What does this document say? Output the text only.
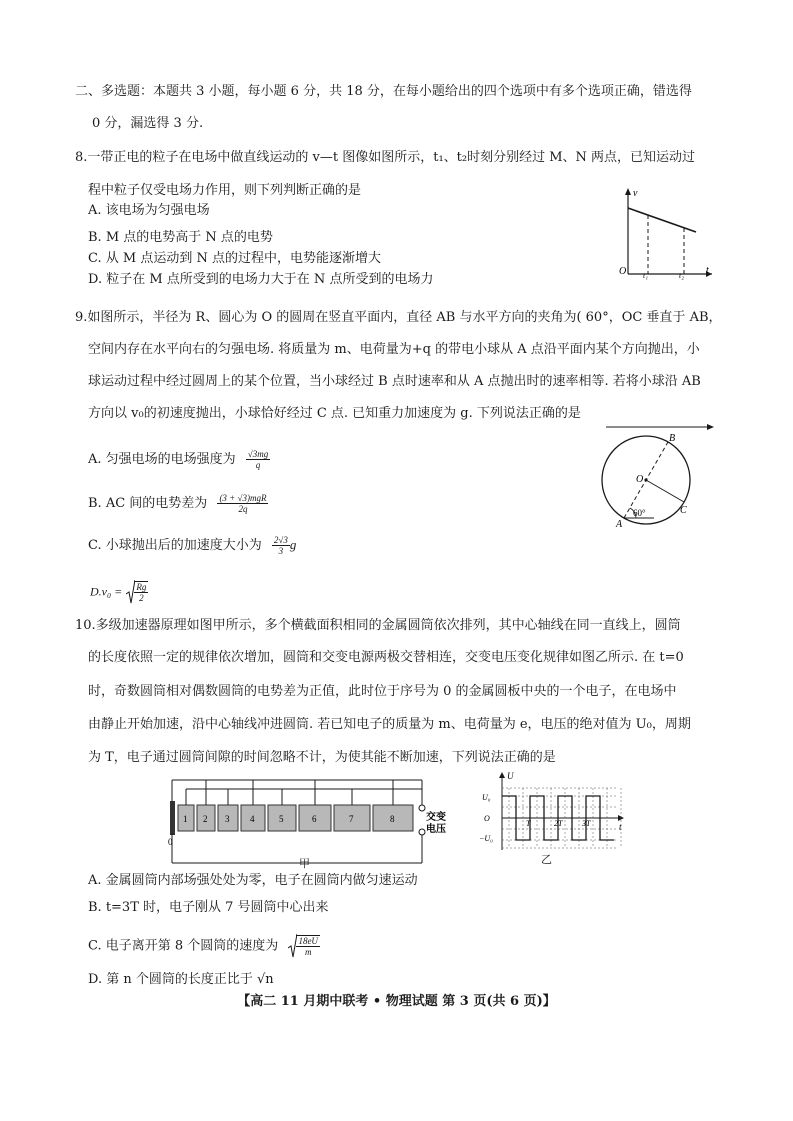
二、多选题：本题共 3 小题，每小题 6 分，共 18 分，在每小题给出的四个选项中有多个选项正确，错选得
0 分，漏选得 3 分.
8.一带正电的粒子在电场中做直线运动的 v—t 图像如图所示，t₁、t₂时刻分别经过 M、N 两点，已知运动过
程中粒子仅受电场力作用，则下列判断正确的是
A. 该电场为匀强电场
B. M 点的电势高于 N 点的电势
C. 从 M 点运动到 N 点的过程中，电势能逐渐增大
D. 粒子在 M 点所受到的电场力大于在 N 点所受到的电场力
v
t
O t₁	t₂
9.如图所示，半径为 R、圆心为 O 的圆周在竖直平面内，直径 AB 与水平方向的夹角为( 60°，OC 垂直于 AB，
空间内存在水平向右的匀强电场. 将质量为 m、电荷量为+q 的带电小球从 A 点沿平面内某个方向抛出，小
球运动过程中经过圆周上的某个位置，当小球经过 B 点时速率和从 A 点抛出时的速率相等. 若将小球沿 AB
方向以 v₀的初速度抛出，小球恰好经过 C 点. 已知重力加速度为 g. 下列说法正确的是
A. 匀强电场的电场强度为 $\frac{√3mg}{q}$
B. AC 间的电势差为 $\frac{\text{(3 + √3)mgR}}{2q}$
C. 小球抛出后的加速度大小为 $\frac{2√3}{3}$ g
$D.v_0 = \frac{Rg}{2}$
B
O
C
A
60°
10.多级加速器原理如图甲所示，多个横截面积相同的金属圆筒依次排列，其中心轴线在同一直线上，圆筒
的长度依照一定的规律依次增加，圆筒和交变电源两极交替相连，交变电压变化规律如图乙所示. 在 t=0
时，奇数圆筒相对偶数圆筒的电势差为正值，此时位于序号为 0 的金属圆板中央的一个电子，在电场中
由静止开始加速，沿中心轴线冲进圆筒. 若已知电子的质量为 m、电荷量为 e，电压的绝对值为 U₀，周期
为 T，电子通过圆筒间隙的时间忽略不计，为使其能不断加速，下列说法正确的是
1 2 3 4	5	6	7	8
0
交变
电压
甲
U
U₀
O
−U₀
T	2T 3T	t
乙
A. 金属圆筒内部场强处处为零，电子在圆筒内做匀速运动
B. t=3T 时，电子刚从 7 号圆筒中心出来
C. 电子离开第 8 个圆筒的速度为 $\frac{18eU}{m}$
D. 第 n 个圆筒的长度正比于 √n
【高二 11 月期中联考 • 物理试题 第 3 页(共 6 页)】
